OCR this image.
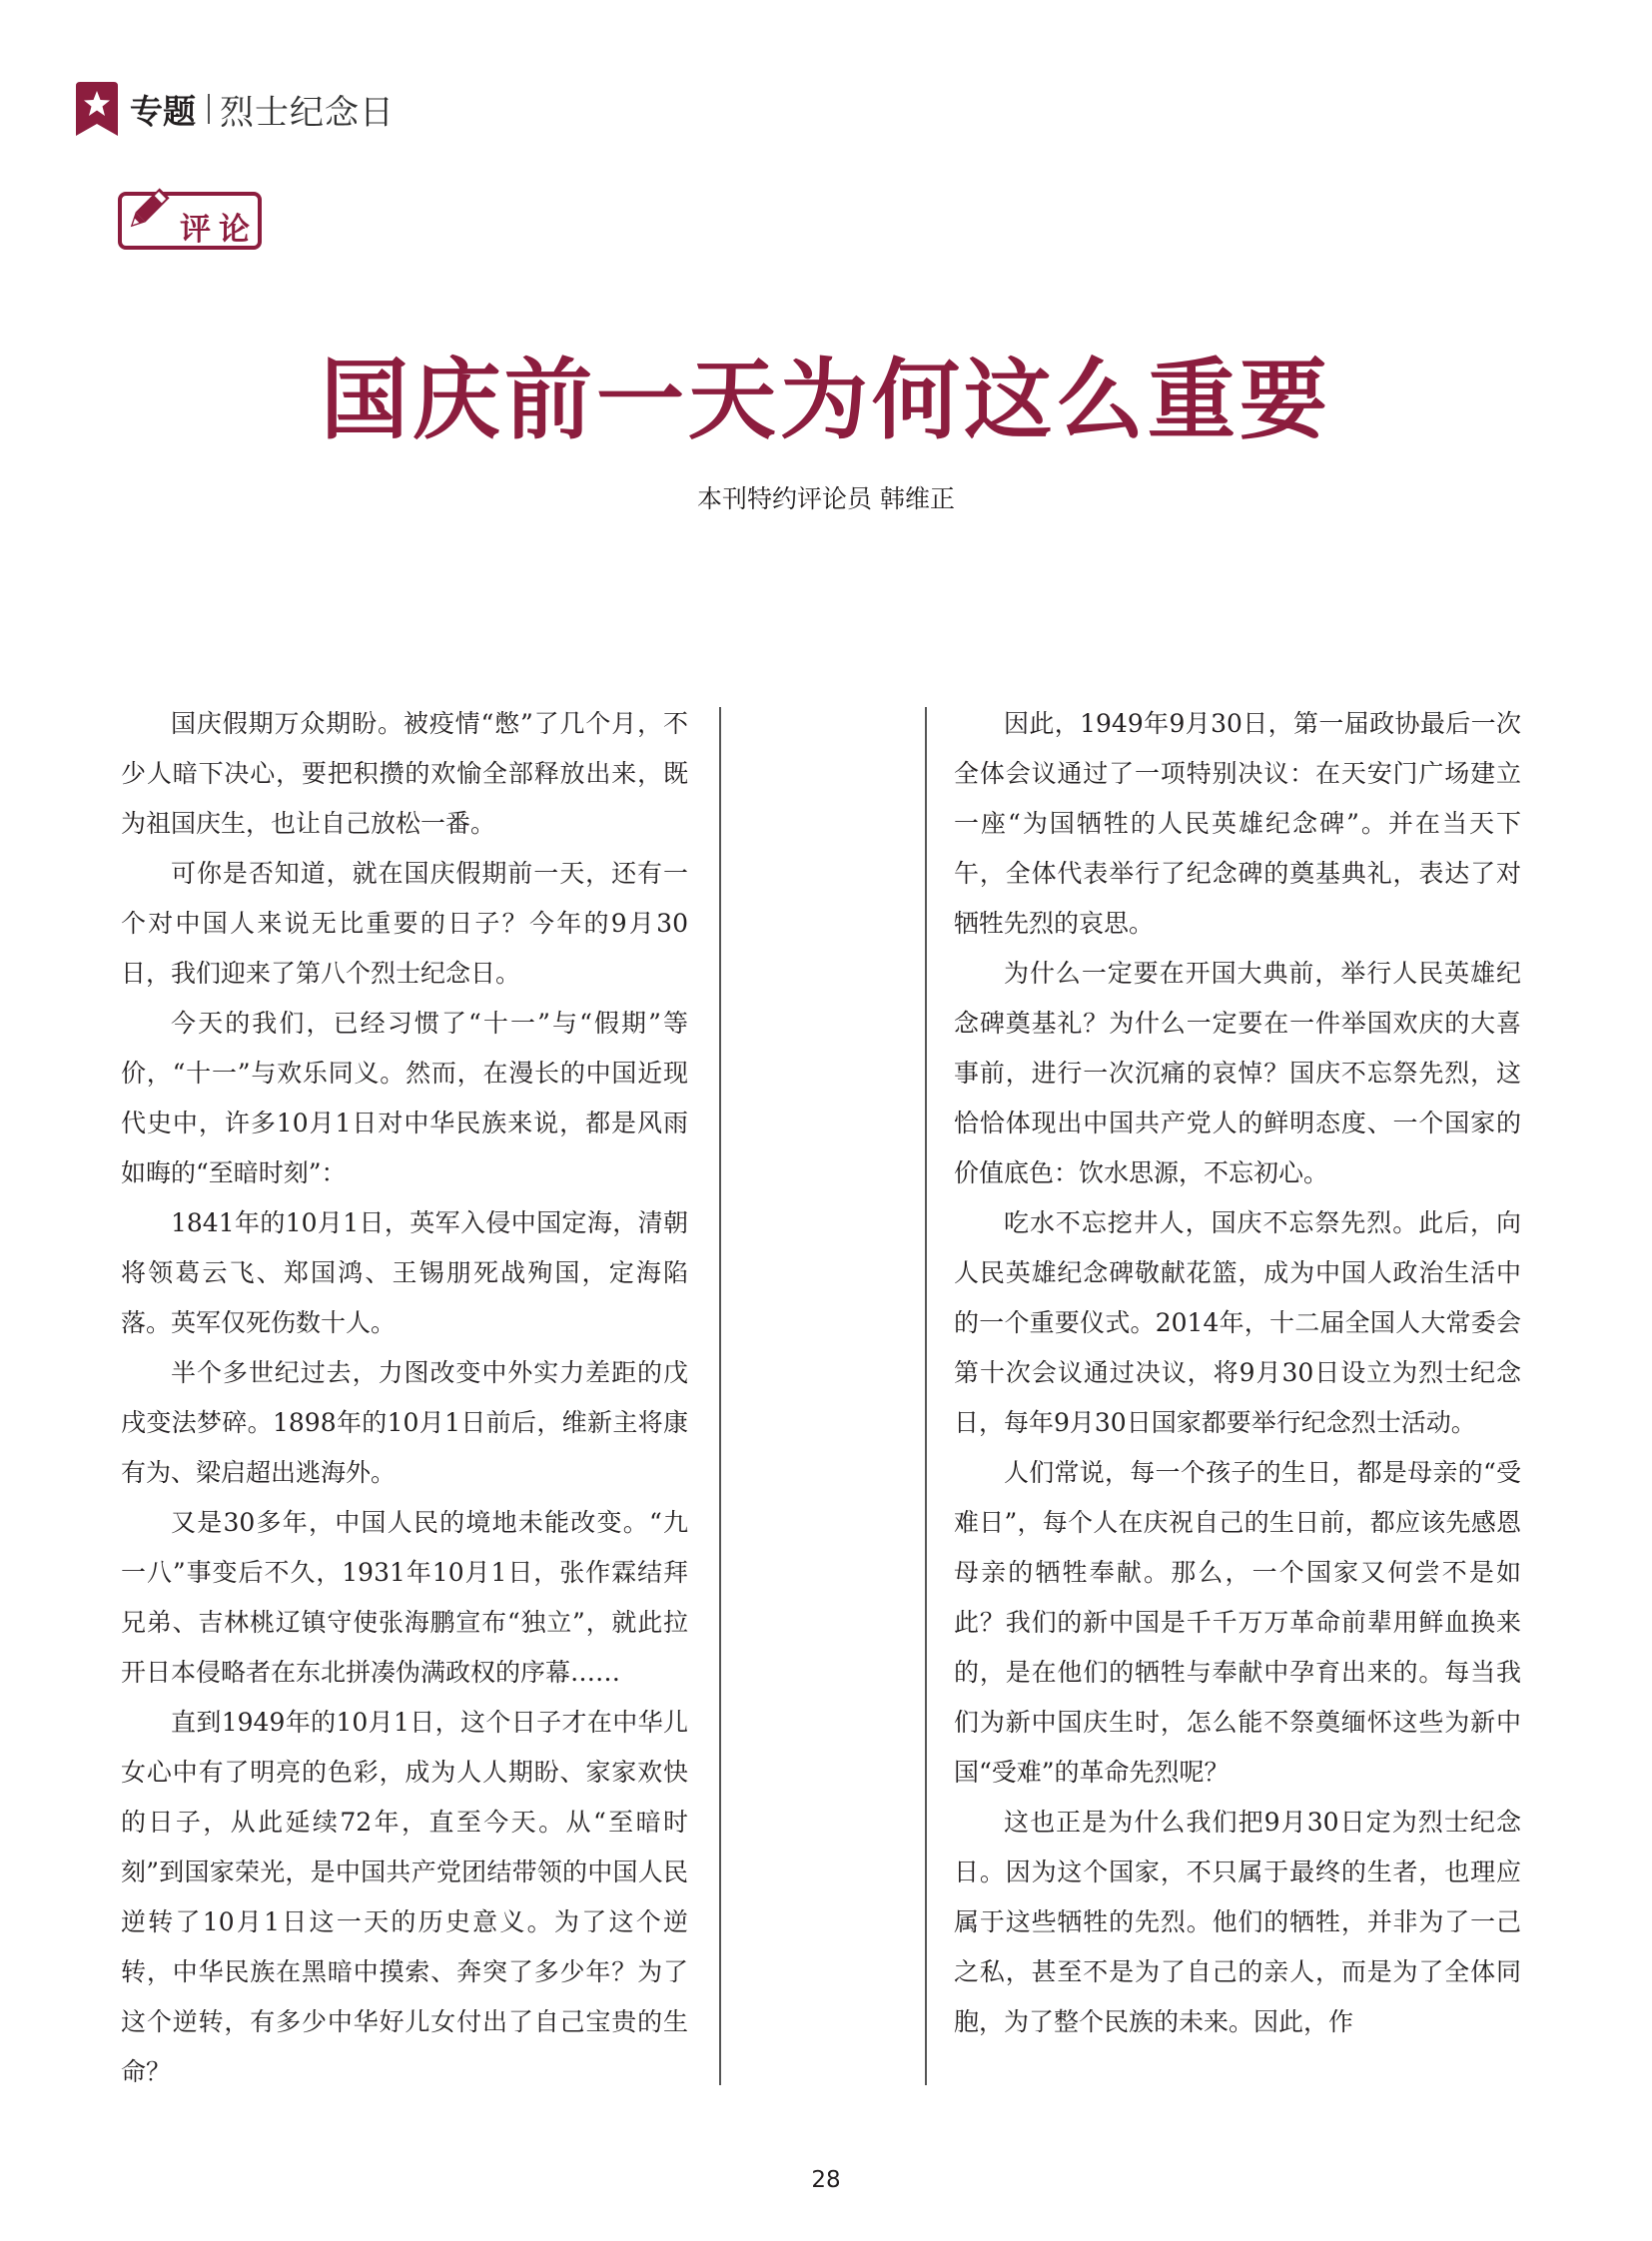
专题 烈士纪念日
评论
国庆前一天为何这么重要
本刊特约评论员 韩维正

国庆假期万众期盼。被疫情“憋”了几个月，不少人暗下决心，要把积攒的欢愉全部释放出来，既为祖国庆生，也让自己放松一番。

可你是否知道，就在国庆假期前一天，还有一个对中国人来说无比重要的日子？今年的9月30日，我们迎来了第八个烈士纪念日。

今天的我们，已经习惯了“十一”与“假期”等价，“十一”与欢乐同义。然而，在漫长的中国近现代史中，许多10月1日对中华民族来说，都是风雨如晦的“至暗时刻”：

1841年的10月1日，英军入侵中国定海，清朝将领葛云飞、郑国鸿、王锡朋死战殉国，定海陷落。英军仅死伤数十人。

半个多世纪过去，力图改变中外实力差距的戊戌变法梦碎。1898年的10月1日前后，维新主将康有为、梁启超出逃海外。

又是30多年，中国人民的境地未能改变。“九一八”事变后不久，1931年10月1日，张作霖结拜兄弟、吉林桃辽镇守使张海鹏宣布“独立”，就此拉开日本侵略者在东北拼凑伪满政权的序幕……

直到1949年的10月1日，这个日子才在中华儿女心中有了明亮的色彩，成为人人期盼、家家欢快的日子，从此延续72年，直至今天。从“至暗时刻”到国家荣光，是中国共产党团结带领的中国人民逆转了10月1日这一天的历史意义。为了这个逆转，中华民族在黑暗中摸索、奔突了多少年？为了这个逆转，有多少中华好儿女付出了自己宝贵的生命？

因此，1949年9月30日，第一届政协最后一次全体会议通过了一项特别决议：在天安门广场建立一座“为国牺牲的人民英雄纪念碑”。并在当天下午，全体代表举行了纪念碑的奠基典礼，表达了对牺牲先烈的哀思。

为什么一定要在开国大典前，举行人民英雄纪念碑奠基礼？为什么一定要在一件举国欢庆的大喜事前，进行一次沉痛的哀悼？国庆不忘祭先烈，这恰恰体现出中国共产党人的鲜明态度、一个国家的价值底色：饮水思源，不忘初心。

吃水不忘挖井人，国庆不忘祭先烈。此后，向人民英雄纪念碑敬献花篮，成为中国人政治生活中的一个重要仪式。2014年，十二届全国人大常委会第十次会议通过决议，将9月30日设立为烈士纪念日，每年9月30日国家都要举行纪念烈士活动。

人们常说，每一个孩子的生日，都是母亲的“受难日”，每个人在庆祝自己的生日前，都应该先感恩母亲的牺牲奉献。那么，一个国家又何尝不是如此？我们的新中国是千千万万革命前辈用鲜血换来的，是在他们的牺牲与奉献中孕育出来的。每当我们为新中国庆生时，怎么能不祭奠缅怀这些为新中国“受难”的革命先烈呢？

这也正是为什么我们把9月30日定为烈士纪念日。因为这个国家，不只属于最终的生者，也理应属于这些牺牲的先烈。他们的牺牲，并非为了一己之私，甚至不是为了自己的亲人，而是为了全体同胞，为了整个民族的未来。因此，作

28
